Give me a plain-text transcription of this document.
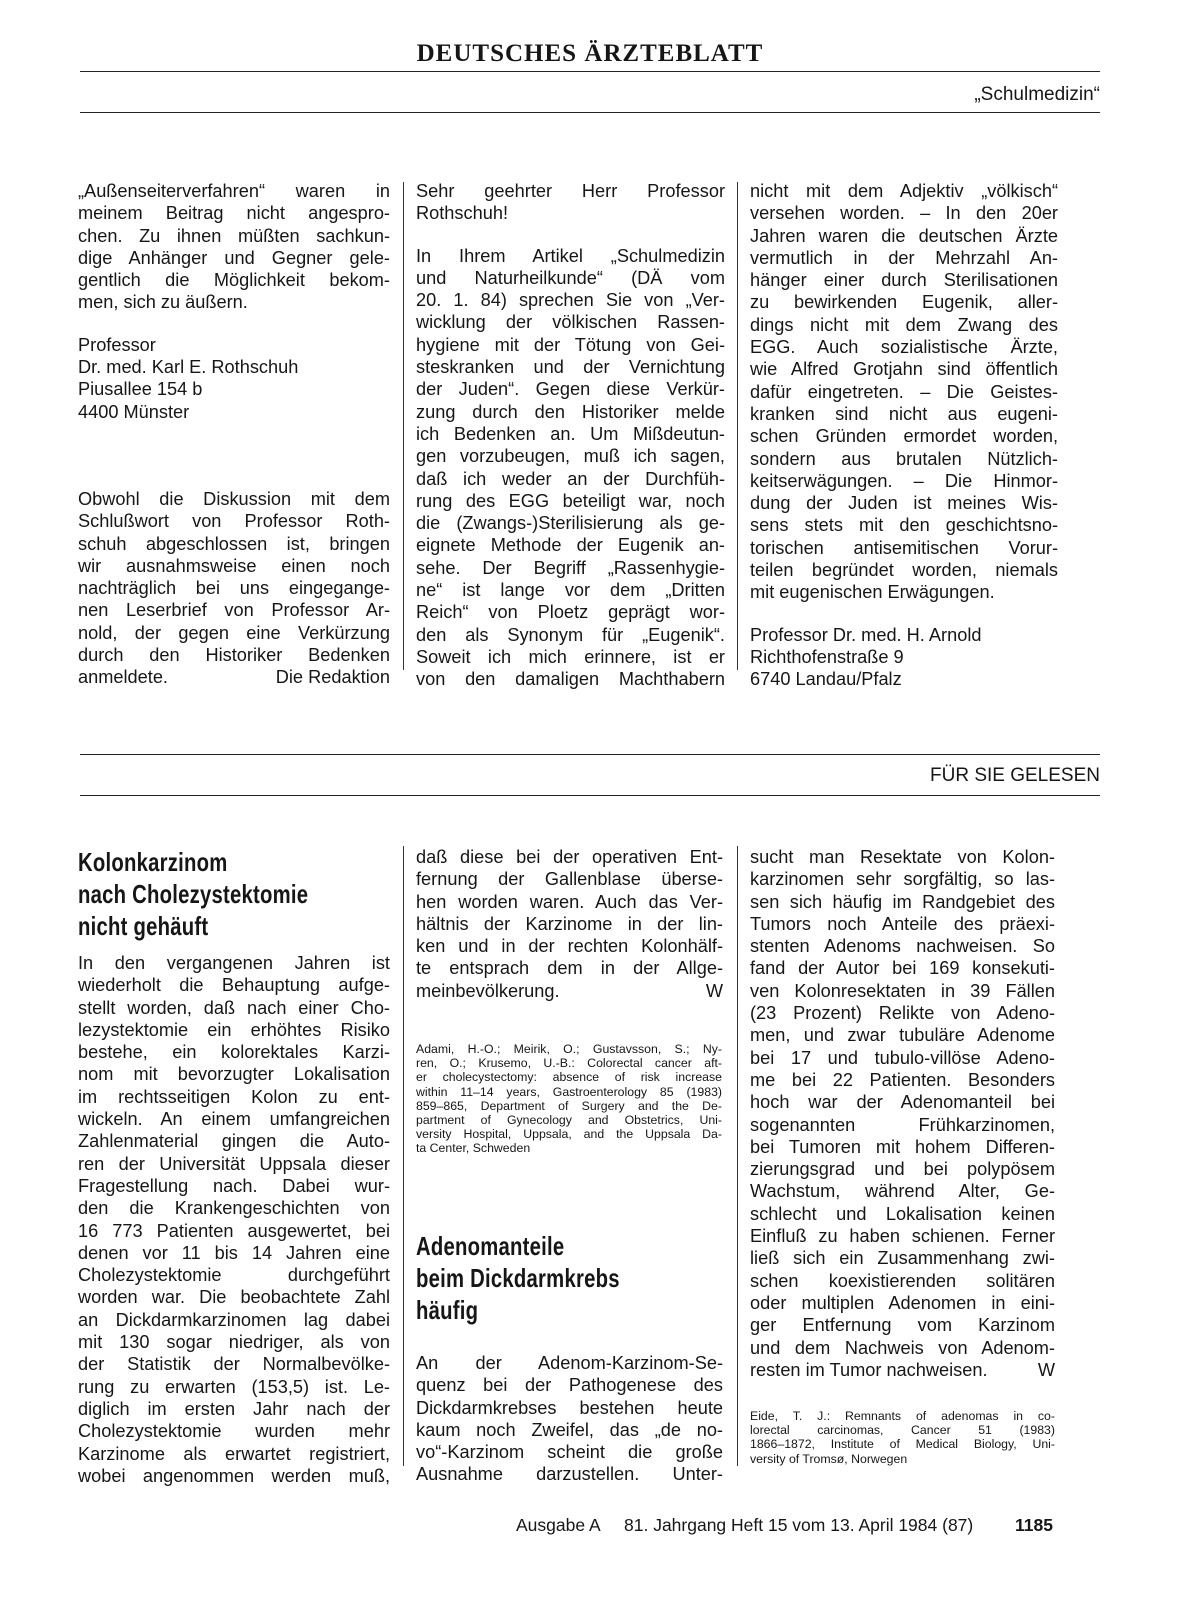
DEUTSCHES ÄRZTEBLATT
„Schulmedizin“

„Außenseiterverfahren“ waren in

meinem Beitrag nicht angespro-

chen. Zu ihnen müßten sachkun-

dige Anhänger und Gegner gele-

gentlich die Möglichkeit bekom-

men, sich zu äußern.

Professor

Dr. med. Karl E. Rothschuh

Piusallee 154 b

4400 Münster

Obwohl die Diskussion mit dem

Schlußwort von Professor Roth-

schuh abgeschlossen ist, bringen

wir ausnahmsweise einen noch

nachträglich bei uns eingegange-

nen Leserbrief von Professor Ar-

nold, der gegen eine Verkürzung

durch den Historiker Bedenken

anmeldete.	Die Redaktion

Sehr geehrter Herr Professor

Rothschuh!

In Ihrem Artikel „Schulmedizin

und Naturheilkunde“ (DÄ vom

20. 1. 84) sprechen Sie von „Ver-

wicklung der völkischen Rassen-

hygiene mit der Tötung von Gei-

steskranken und der Vernichtung

der Juden“. Gegen diese Verkür-

zung durch den Historiker melde

ich Bedenken an. Um Mißdeutun-

gen vorzubeugen, muß ich sagen,

daß ich weder an der Durchfüh-

rung des EGG beteiligt war, noch

die (Zwangs-)Sterilisierung als ge-

eignete Methode der Eugenik an-

sehe. Der Begriff „Rassenhygie-

ne“ ist lange vor dem „Dritten

Reich“ von Ploetz geprägt wor-

den als Synonym für „Eugenik“.

Soweit ich mich erinnere, ist er

von den damaligen Machthabern

nicht mit dem Adjektiv „völkisch“

versehen worden. – In den 20er

Jahren waren die deutschen Ärzte

vermutlich in der Mehrzahl An-

hänger einer durch Sterilisationen

zu bewirkenden Eugenik, aller-

dings nicht mit dem Zwang des

EGG. Auch sozialistische Ärzte,

wie Alfred Grotjahn sind öffentlich

dafür eingetreten. – Die Geistes-

kranken sind nicht aus eugeni-

schen Gründen ermordet worden,

sondern aus brutalen Nützlich-

keitserwägungen. – Die Hinmor-

dung der Juden ist meines Wis-

sens stets mit den geschichtsno-

torischen antisemitischen Vorur-

teilen begründet worden, niemals

mit eugenischen Erwägungen.

Professor Dr. med. H. Arnold

Richthofenstraße 9

6740 Landau/Pfalz

FÜR SIE GELESEN

Kolonkarzinom

nach Cholezystektomie

nicht gehäuft

In den vergangenen Jahren ist

wiederholt die Behauptung aufge-

stellt worden, daß nach einer Cho-

lezystektomie ein erhöhtes Risiko

bestehe, ein kolorektales Karzi-

nom mit bevorzugter Lokalisation

im rechtsseitigen Kolon zu ent-

wickeln. An einem umfangreichen

Zahlenmaterial gingen die Auto-

ren der Universität Uppsala dieser

Fragestellung nach. Dabei wur-

den die Krankengeschichten von

16 773 Patienten ausgewertet, bei

denen vor 11 bis 14 Jahren eine

Cholezystektomie durchgeführt

worden war. Die beobachtete Zahl

an Dickdarmkarzinomen lag dabei

mit 130 sogar niedriger, als von

der Statistik der Normalbevölke-

rung zu erwarten (153,5) ist. Le-

diglich im ersten Jahr nach der

Cholezystektomie wurden mehr

Karzinome als erwartet registriert,

wobei angenommen werden muß,

daß diese bei der operativen Ent-

fernung der Gallenblase überse-

hen worden waren. Auch das Ver-

hältnis der Karzinome in der lin-

ken und in der rechten Kolonhälf-

te entsprach dem in der Allge-

meinbevölkerung.	W

Adami, H.-O.; Meirik, O.; Gustavsson, S.; Ny-

ren, O.; Krusemo, U.-B.: Colorectal cancer aft-

er cholecystectomy: absence of risk increase

within 11–14 years, Gastroenterology 85 (1983)

859–865, Department of Surgery and the De-

partment of Gynecology and Obstetrics, Uni-

versity Hospital, Uppsala, and the Uppsala Da-

ta Center, Schweden

Adenomanteile

beim Dickdarmkrebs

häufig

An der Adenom-Karzinom-Se-

quenz bei der Pathogenese des

Dickdarmkrebses bestehen heute

kaum noch Zweifel, das „de no-

vo“-Karzinom scheint die große

Ausnahme darzustellen. Unter-

sucht man Resektate von Kolon-

karzinomen sehr sorgfältig, so las-

sen sich häufig im Randgebiet des

Tumors noch Anteile des präexi-

stenten Adenoms nachweisen. So

fand der Autor bei 169 konsekuti-

ven Kolonresektaten in 39 Fällen

(23 Prozent) Relikte von Adeno-

men, und zwar tubuläre Adenome

bei 17 und tubulo-villöse Adeno-

me bei 22 Patienten. Besonders

hoch war der Adenomanteil bei

sogenannten Frühkarzinomen,

bei Tumoren mit hohem Differen-

zierungsgrad und bei polypösem

Wachstum, während Alter, Ge-

schlecht und Lokalisation keinen

Einfluß zu haben schienen. Ferner

ließ sich ein Zusammenhang zwi-

schen koexistierenden solitären

oder multiplen Adenomen in eini-

ger Entfernung vom Karzinom

und dem Nachweis von Adenom-

resten im Tumor nachweisen.	W

Eide, T. J.: Remnants of adenomas in co-

lorectal carcinomas, Cancer 51 (1983)

1866–1872, Institute of Medical Biology, Uni-

versity of Tromsø, Norwegen

Ausgabe A 81. Jahrgang Heft 15 vom 13. April 1984 (87) 1185
